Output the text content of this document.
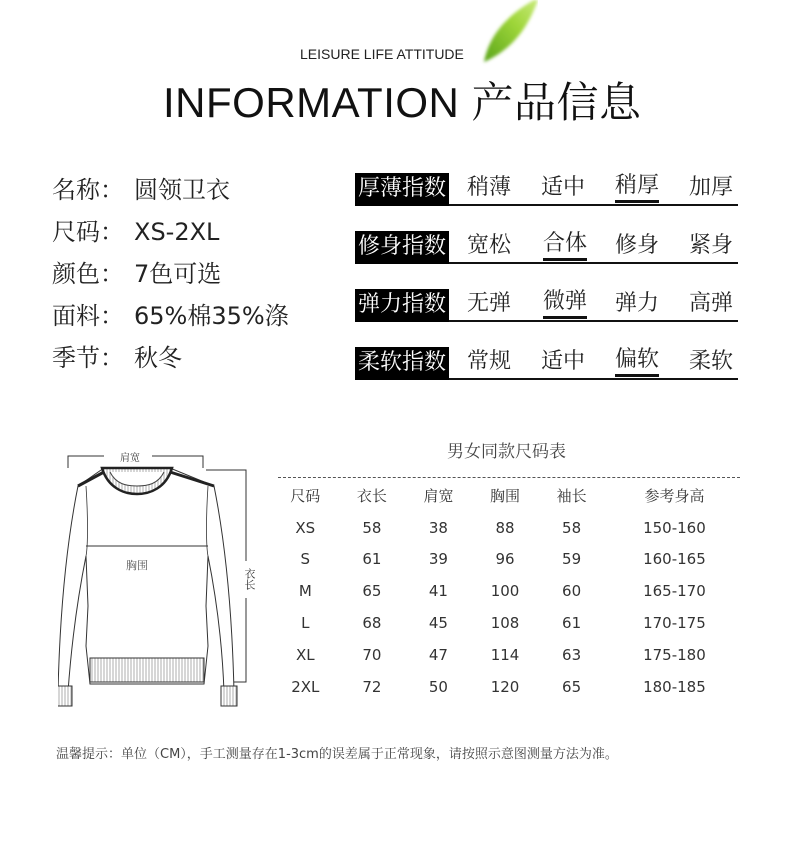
LEISURE LIFE ATTITUDE
INFORMATION 产品信息
名称： 圆领卫衣
尺码： XS-2XL
颜色： 7色可选
面料： 65%棉35%涤
季节： 秋冬
厚薄指数 稍薄 适中 稍厚 加厚
修身指数 宽松 合体 修身 紧身
弹力指数 无弹 微弹 弹力 高弹
柔软指数 常规 适中 偏软 柔软
肩宽
胸围
衣长
男女同款尺码表
尺码	衣长	肩宽	胸围	袖长	参考身高
XS	58	38	88	58	150-160
S	61	39	96	59	160-165
M	65	41	100	60	165-170
L	68	45	108	61	170-175
XL	70	47	114	63	175-180
2XL	72	50	120	65	180-185
温馨提示：单位（CM），手工测量存在1-3cm的误差属于正常现象，请按照示意图测量方法为准。
